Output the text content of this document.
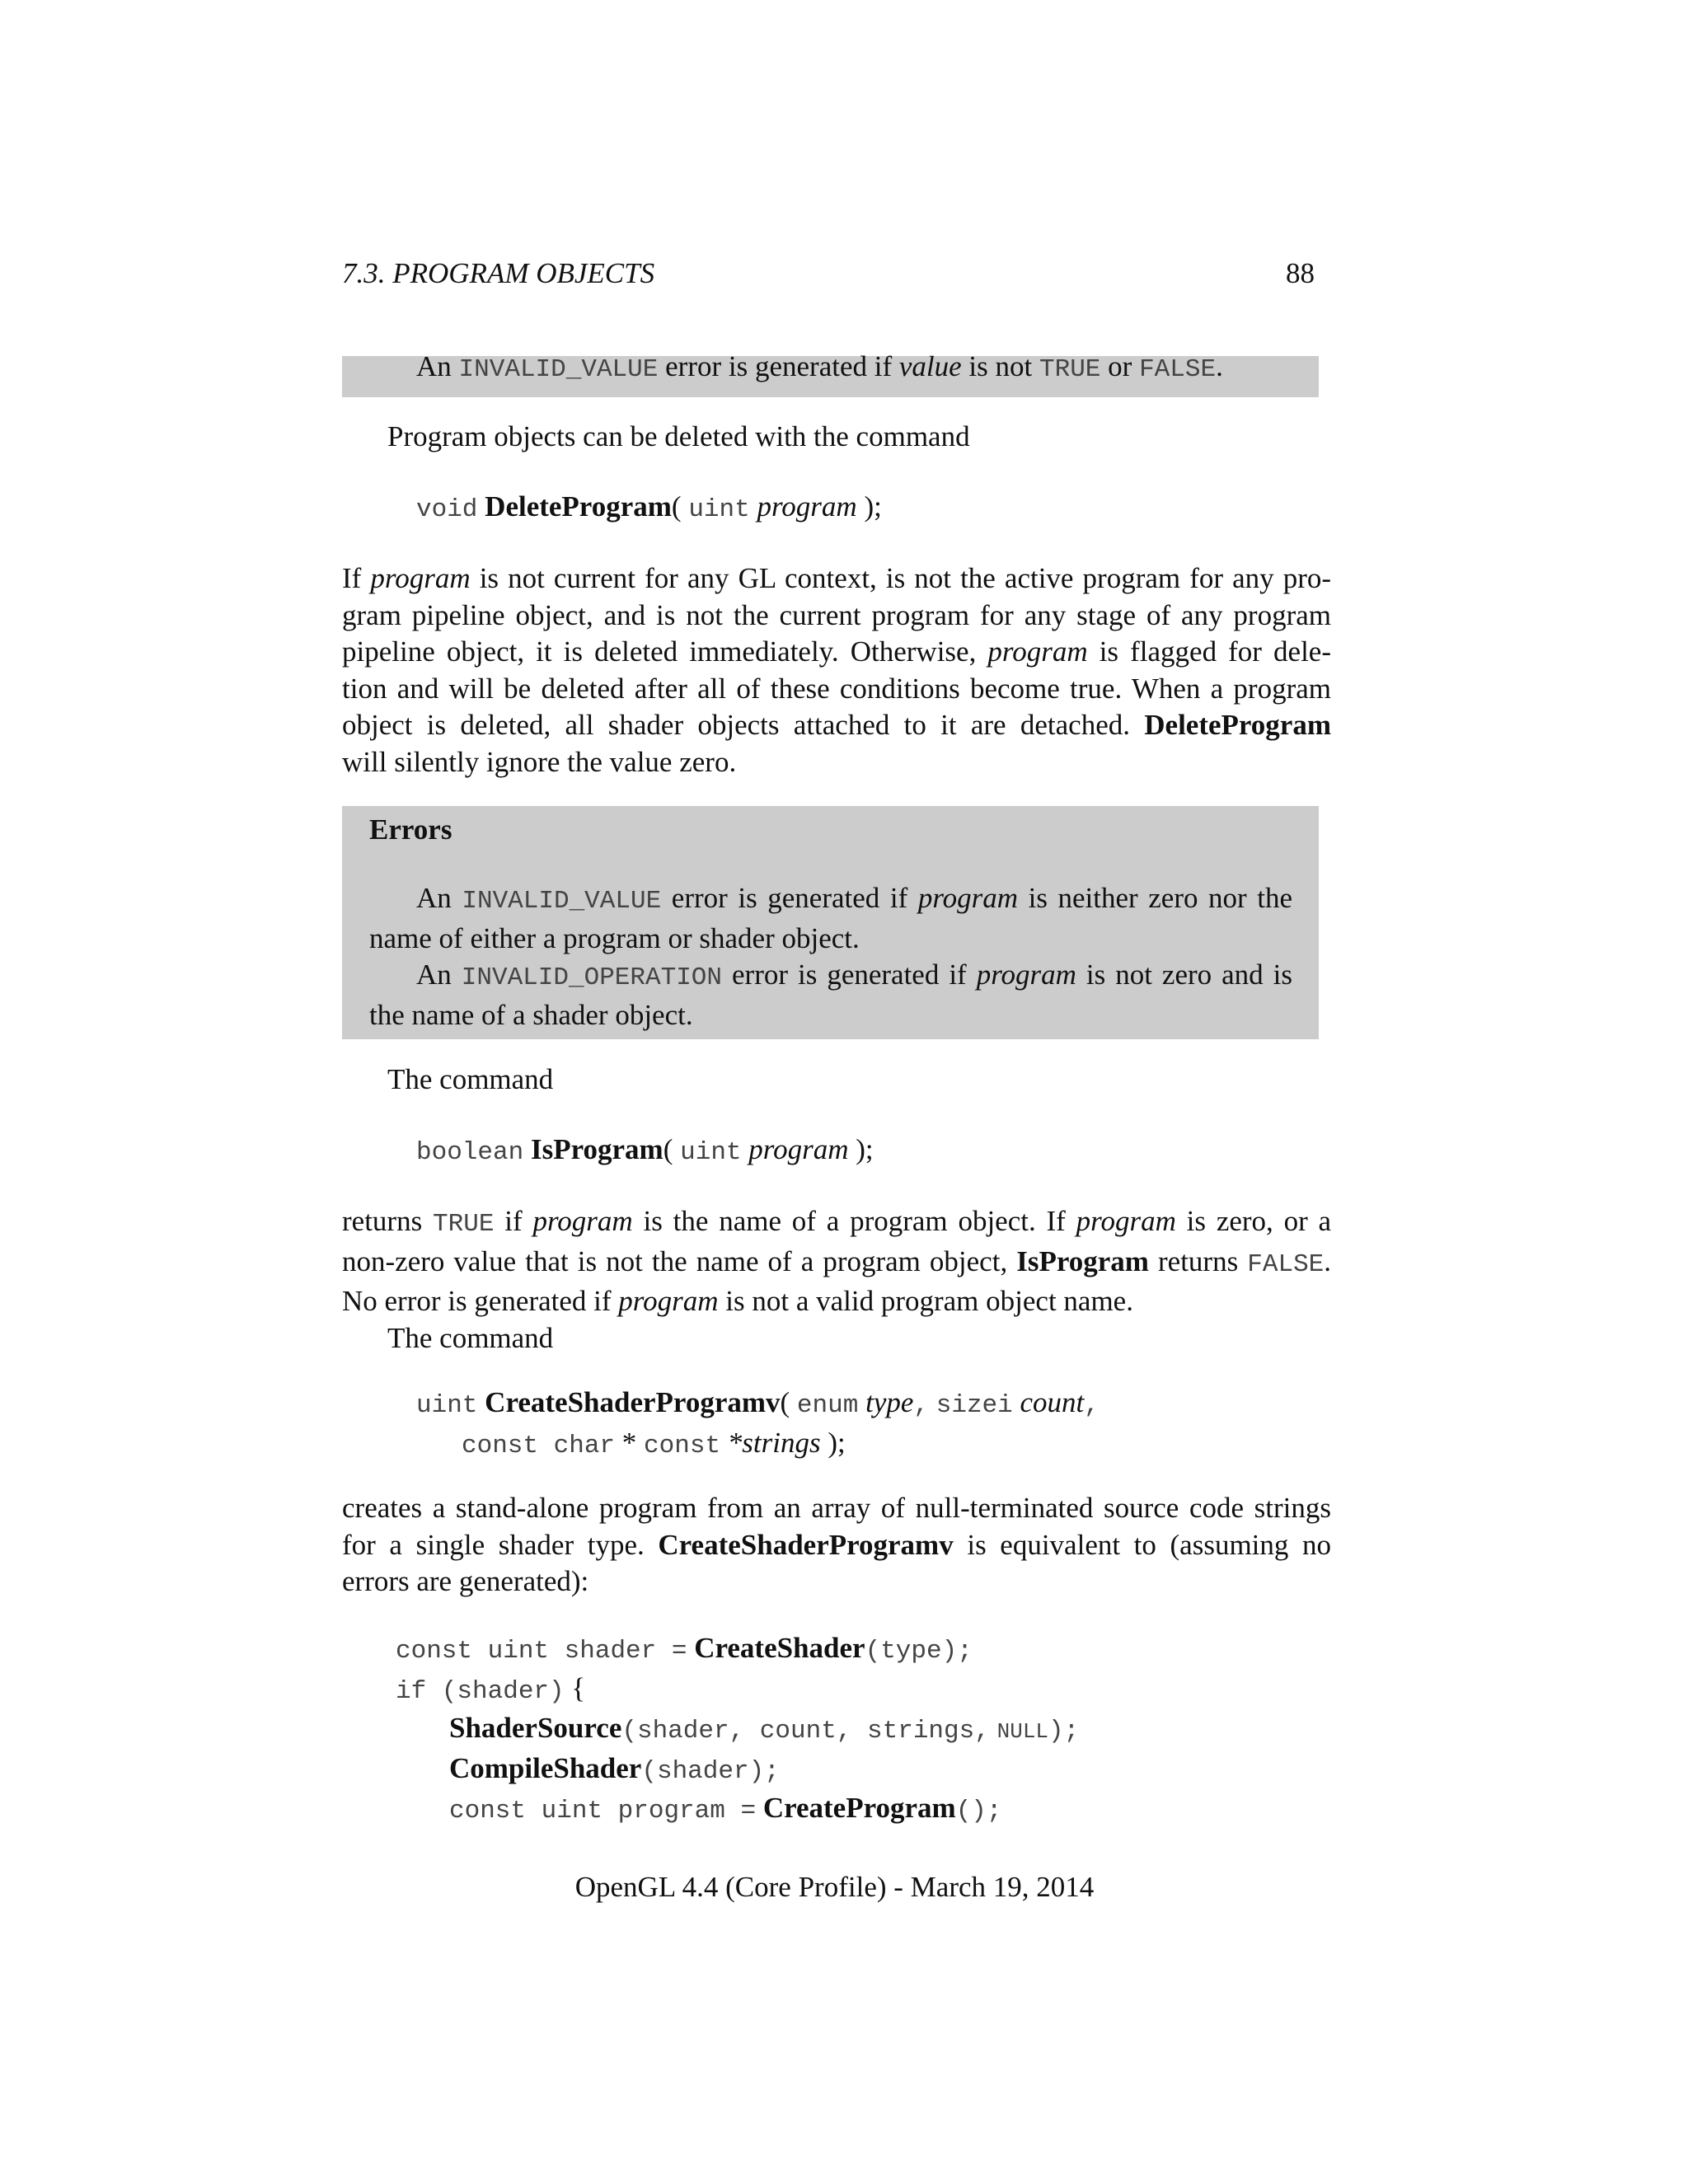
7.3. PROGRAM OBJECTS	88
An INVALID_VALUE error is generated if value is not TRUE or FALSE.
Program objects can be deleted with the command
void DeleteProgram( uint program );
If program is not current for any GL context, is not the active program for any pro-
gram pipeline object, and is not the current program for any stage of any program
pipeline object, it is deleted immediately. Otherwise, program is flagged for dele-
tion and will be deleted after all of these conditions become true. When a program
object is deleted, all shader objects attached to it are detached. DeleteProgram
will silently ignore the value zero.
Errors
An INVALID_VALUE error is generated if program is neither zero nor the
name of either a program or shader object.
An INVALID_OPERATION error is generated if program is not zero and is
the name of a shader object.
The command
boolean IsProgram( uint program );
returns TRUE if program is the name of a program object. If program is zero, or a
non-zero value that is not the name of a program object, IsProgram returns FALSE.
No error is generated if program is not a valid program object name.
The command
uint CreateShaderProgramv( enum type, sizei count,
const char * const *strings );
creates a stand-alone program from an array of null-terminated source code strings
for a single shader type. CreateShaderProgramv is equivalent to (assuming no
errors are generated):
const uint shader = CreateShader(type);
if (shader) {
ShaderSource(shader, count, strings, NULL);
CompileShader(shader);
const uint program = CreateProgram();
OpenGL 4.4 (Core Profile) - March 19, 2014
